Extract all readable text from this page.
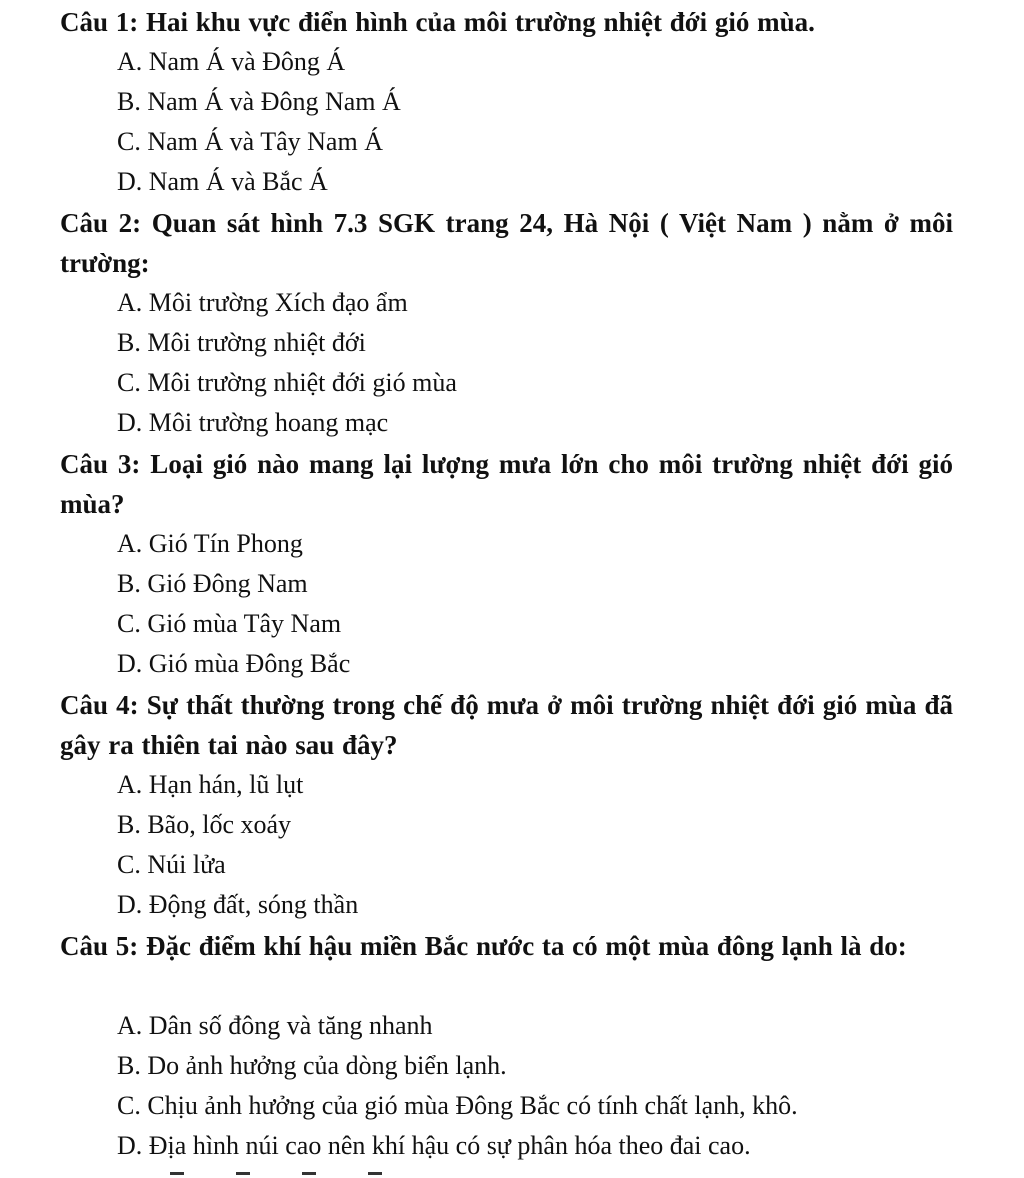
Câu 1: Hai khu vực điển hình của môi trường nhiệt đới gió mùa.
A. Nam Á và Đông Á
B. Nam Á và Đông Nam Á
C. Nam Á và Tây Nam Á
D. Nam Á và Bắc Á
Câu 2: Quan sát hình 7.3 SGK trang 24, Hà Nội ( Việt Nam ) nằm ở môi trường:
A. Môi trường Xích đạo ẩm
B. Môi trường nhiệt đới
C. Môi trường nhiệt đới gió mùa
D. Môi trường hoang mạc
Câu 3: Loại gió nào mang lại lượng mưa lớn cho môi trường nhiệt đới gió mùa?
A. Gió Tín Phong
B. Gió Đông Nam
C. Gió mùa Tây Nam
D. Gió mùa Đông Bắc
Câu 4: Sự thất thường trong chế độ mưa ở môi trường nhiệt đới gió mùa đã gây ra thiên tai nào sau đây?
A. Hạn hán, lũ lụt
B. Bão, lốc xoáy
C. Núi lửa
D. Động đất, sóng thần
Câu 5: Đặc điểm khí hậu miền Bắc nước ta có một mùa đông lạnh là do:
A. Dân số đông và tăng nhanh
B. Do ảnh hưởng của dòng biển lạnh.
C. Chịu ảnh hưởng của gió mùa Đông Bắc có tính chất lạnh, khô.
D. Địa hình núi cao nên khí hậu có sự phân hóa theo đai cao.
